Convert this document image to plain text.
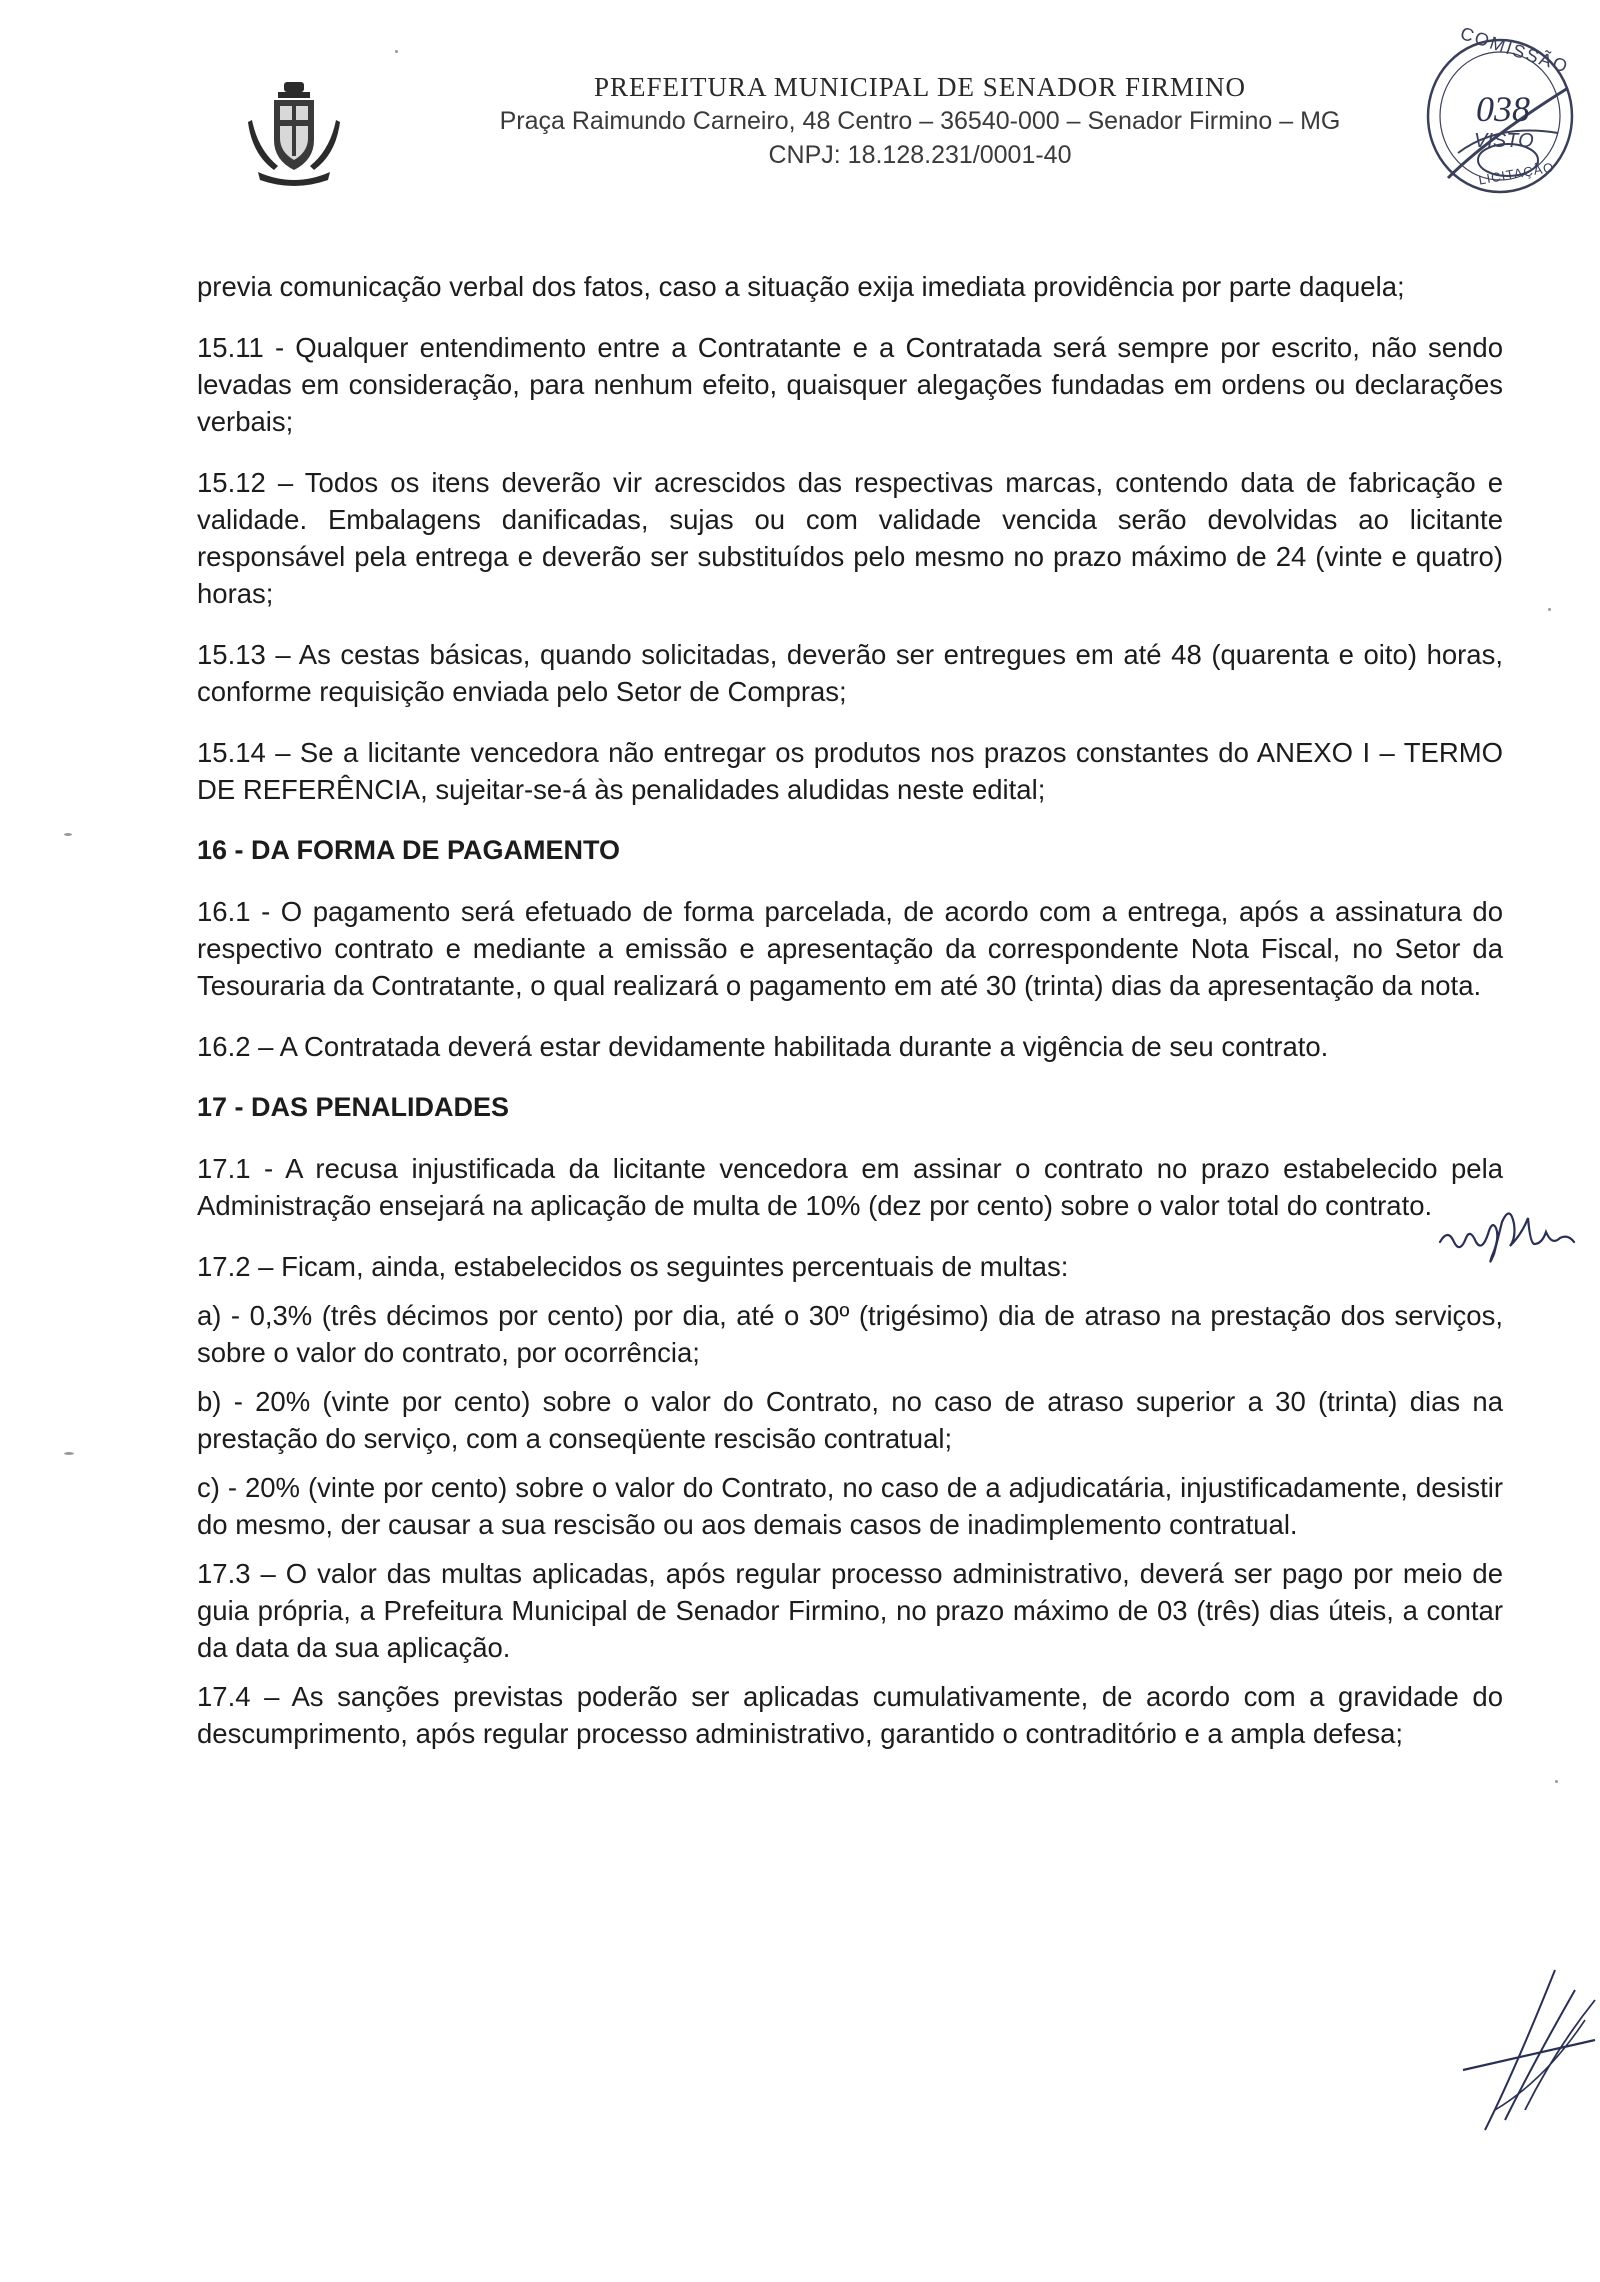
PREFEITURA MUNICIPAL DE SENADOR FIRMINO
Praça Raimundo Carneiro, 48 Centro – 36540-000 – Senador Firmino – MG
CNPJ: 18.128.231/0001-40
COMISSÃO
038
VISTO
LICITAÇÃO

previa comunicação verbal dos fatos, caso a situação exija imediata providência por parte daquela;

15.11 - Qualquer entendimento entre a Contratante e a Contratada será sempre por escrito, não sendo levadas em consideração, para nenhum efeito, quaisquer alegações fundadas em ordens ou declarações verbais;

15.12 – Todos os itens deverão vir acrescidos das respectivas marcas, contendo data de fabricação e validade. Embalagens danificadas, sujas ou com validade vencida serão devolvidas ao licitante responsável pela entrega e deverão ser substituídos pelo mesmo no prazo máximo de 24 (vinte e quatro) horas;

15.13 – As cestas básicas, quando solicitadas, deverão ser entregues em até 48 (quarenta e oito) horas, conforme requisição enviada pelo Setor de Compras;

15.14 – Se a licitante vencedora não entregar os produtos nos prazos constantes do ANEXO I – TERMO DE REFERÊNCIA, sujeitar-se-á às penalidades aludidas neste edital;

16 - DA FORMA DE PAGAMENTO

16.1 - O pagamento será efetuado de forma parcelada, de acordo com a entrega, após a assinatura do respectivo contrato e mediante a emissão e apresentação da correspondente Nota Fiscal, no Setor da Tesouraria da Contratante, o qual realizará o pagamento em até 30 (trinta) dias da apresentação da nota.

16.2 – A Contratada deverá estar devidamente habilitada durante a vigência de seu contrato.

17 - DAS PENALIDADES

17.1 - A recusa injustificada da licitante vencedora em assinar o contrato no prazo estabelecido pela Administração ensejará na aplicação de multa de 10% (dez por cento) sobre o valor total do contrato.

17.2 – Ficam, ainda, estabelecidos os seguintes percentuais de multas:

a) - 0,3% (três décimos por cento) por dia, até o 30º (trigésimo) dia de atraso na prestação dos serviços, sobre o valor do contrato, por ocorrência;

b) - 20% (vinte por cento) sobre o valor do Contrato, no caso de atraso superior a 30 (trinta) dias na prestação do serviço, com a conseqüente rescisão contratual;

c) - 20% (vinte por cento) sobre o valor do Contrato, no caso de a adjudicatária, injustificadamente, desistir do mesmo, der causar a sua rescisão ou aos demais casos de inadimplemento contratual.

17.3 – O valor das multas aplicadas, após regular processo administrativo, deverá ser pago por meio de guia própria, a Prefeitura Municipal de Senador Firmino, no prazo máximo de 03 (três) dias úteis, a contar da data da sua aplicação.

17.4 – As sanções previstas poderão ser aplicadas cumulativamente, de acordo com a gravidade do descumprimento, após regular processo administrativo, garantido o contraditório e a ampla defesa;
